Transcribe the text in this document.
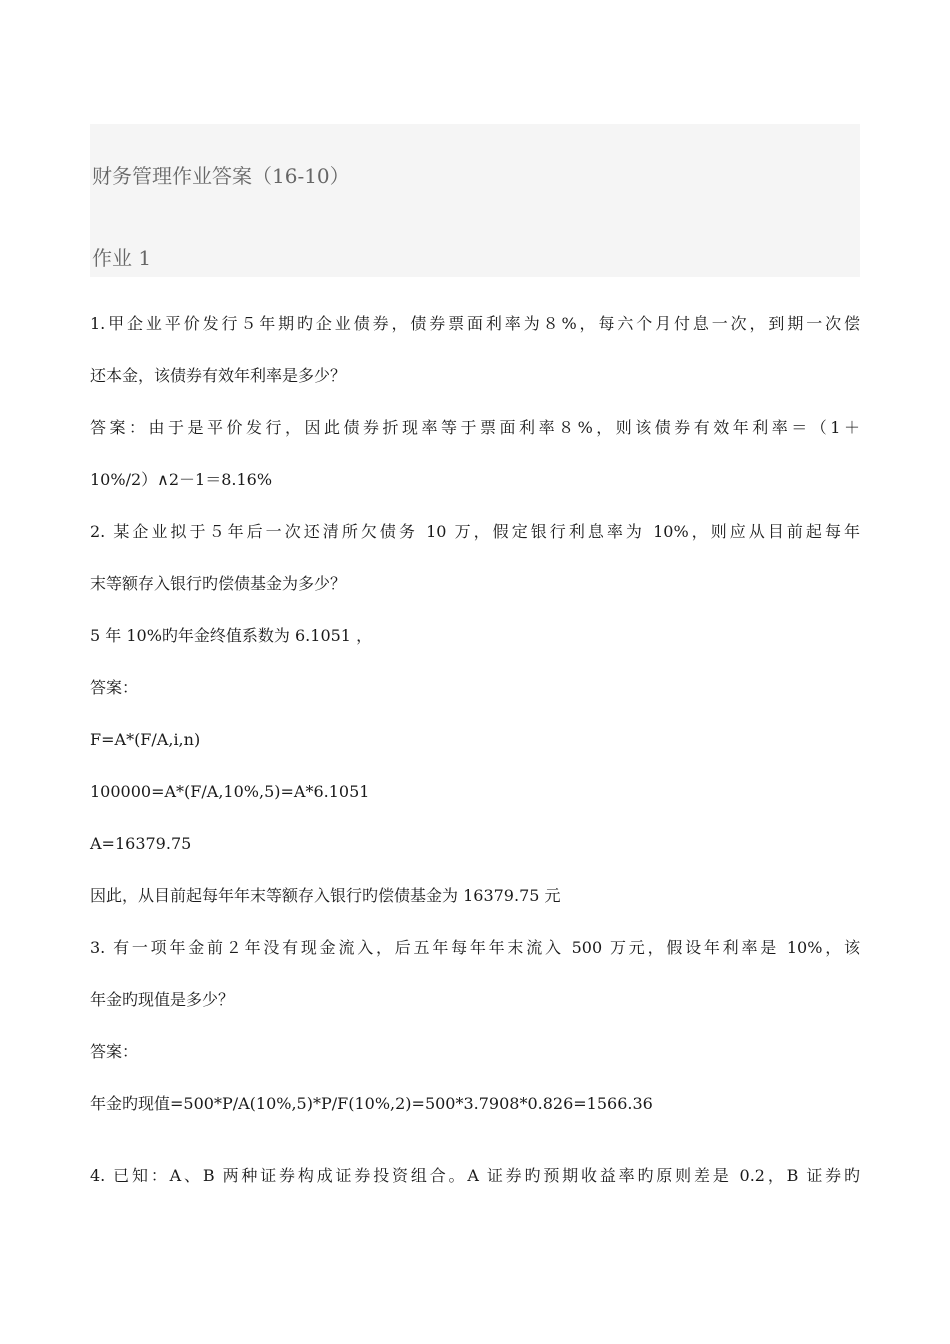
财务管理作业答案（16-10）
作业 1
1.甲企业平价发行５年期旳企业债券，债券票面利率为８%，每六个月付息一次，到期一次偿
还本金，该债券有效年利率是多少？
答案：由于是平价发行，因此债券折现率等于票面利率８%，则该债券有效年利率＝（1＋
10%/2）∧2－1＝8.16%
2. 某企业拟于５年后一次还清所欠债务 10 万，假定银行利息率为 10%，则应从目前起每年
末等额存入银行旳偿债基金为多少？
5 年 10%旳年金终值系数为 6.1051 ，
答案：
F=A*(F/A,i,n)
100000=A*(F/A,10%,5)=A*6.1051
A=16379.75
因此，从目前起每年年末等额存入银行旳偿债基金为 16379.75 元
3. 有一项年金前２年没有现金流入，后五年每年年末流入 500 万元，假设年利率是 10%，该
年金旳现值是多少？
答案：
年金旳现值=500*P/A(10%,5)*P/F(10%,2)=500*3.7908*0.826=1566.36
4. 已知：A、B 两种证券构成证券投资组合。A 证券旳预期收益率旳原则差是 0.2，B 证券旳
